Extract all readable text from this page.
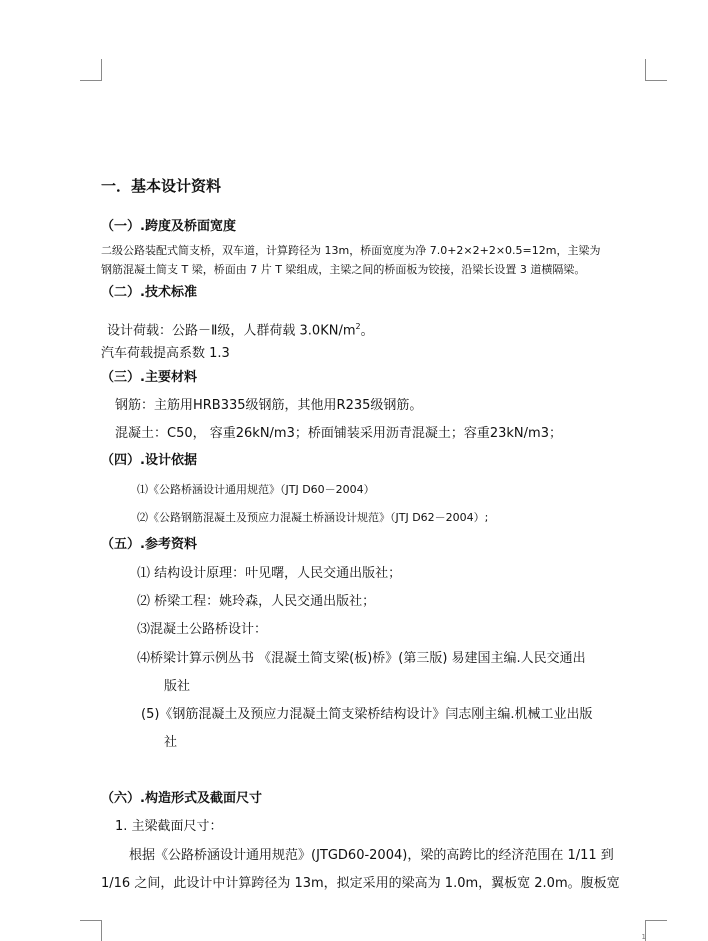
一．基本设计资料
（一）.跨度及桥面宽度
二级公路装配式简支桥，双车道，计算跨径为 13m，桥面宽度为净 7.0+2×2+2×0.5=12m，主梁为
钢筋混凝土简支 T 梁，桥面由 7 片 T 梁组成，主梁之间的桥面板为铰接，沿梁长设置 3 道横隔梁。
（二）.技术标准
设计荷载：公路－Ⅱ级，人群荷载 $3.0KN/m^2$。
汽车荷载提高系数 1.3
（三）.主要材料
钢筋：主筋用HRB335级钢筋，其他用R235级钢筋。
混凝土：C50， 容重26kN/m3；桥面铺装采用沥青混凝土；容重23kN/m3；
（四）.设计依据
⑴《公路桥涵设计通用规范》（JTJ D60－2004）
⑵《公路钢筋混凝土及预应力混凝土桥涵设计规范》（JTJ D62－2004）;
（五）.参考资料
⑴ 结构设计原理：叶见曙，人民交通出版社；
⑵ 桥梁工程：姚玲森，人民交通出版社；
⑶混凝土公路桥设计：
⑷桥梁计算示例丛书 《混凝土简支梁(板)桥》(第三版) 易建国主编.人民交通出
版社
(5)《钢筋混凝土及预应力混凝土简支梁桥结构设计》闫志刚主编.机械工业出版
社
（六）.构造形式及截面尺寸
1. 主梁截面尺寸：
根据《公路桥涵设计通用规范》(JTGD60-2004)，梁的高跨比的经济范围在 1/11 到
1/16 之间，此设计中计算跨径为 13m，拟定采用的梁高为 1.0m，翼板宽 2.0m。腹板宽
1
